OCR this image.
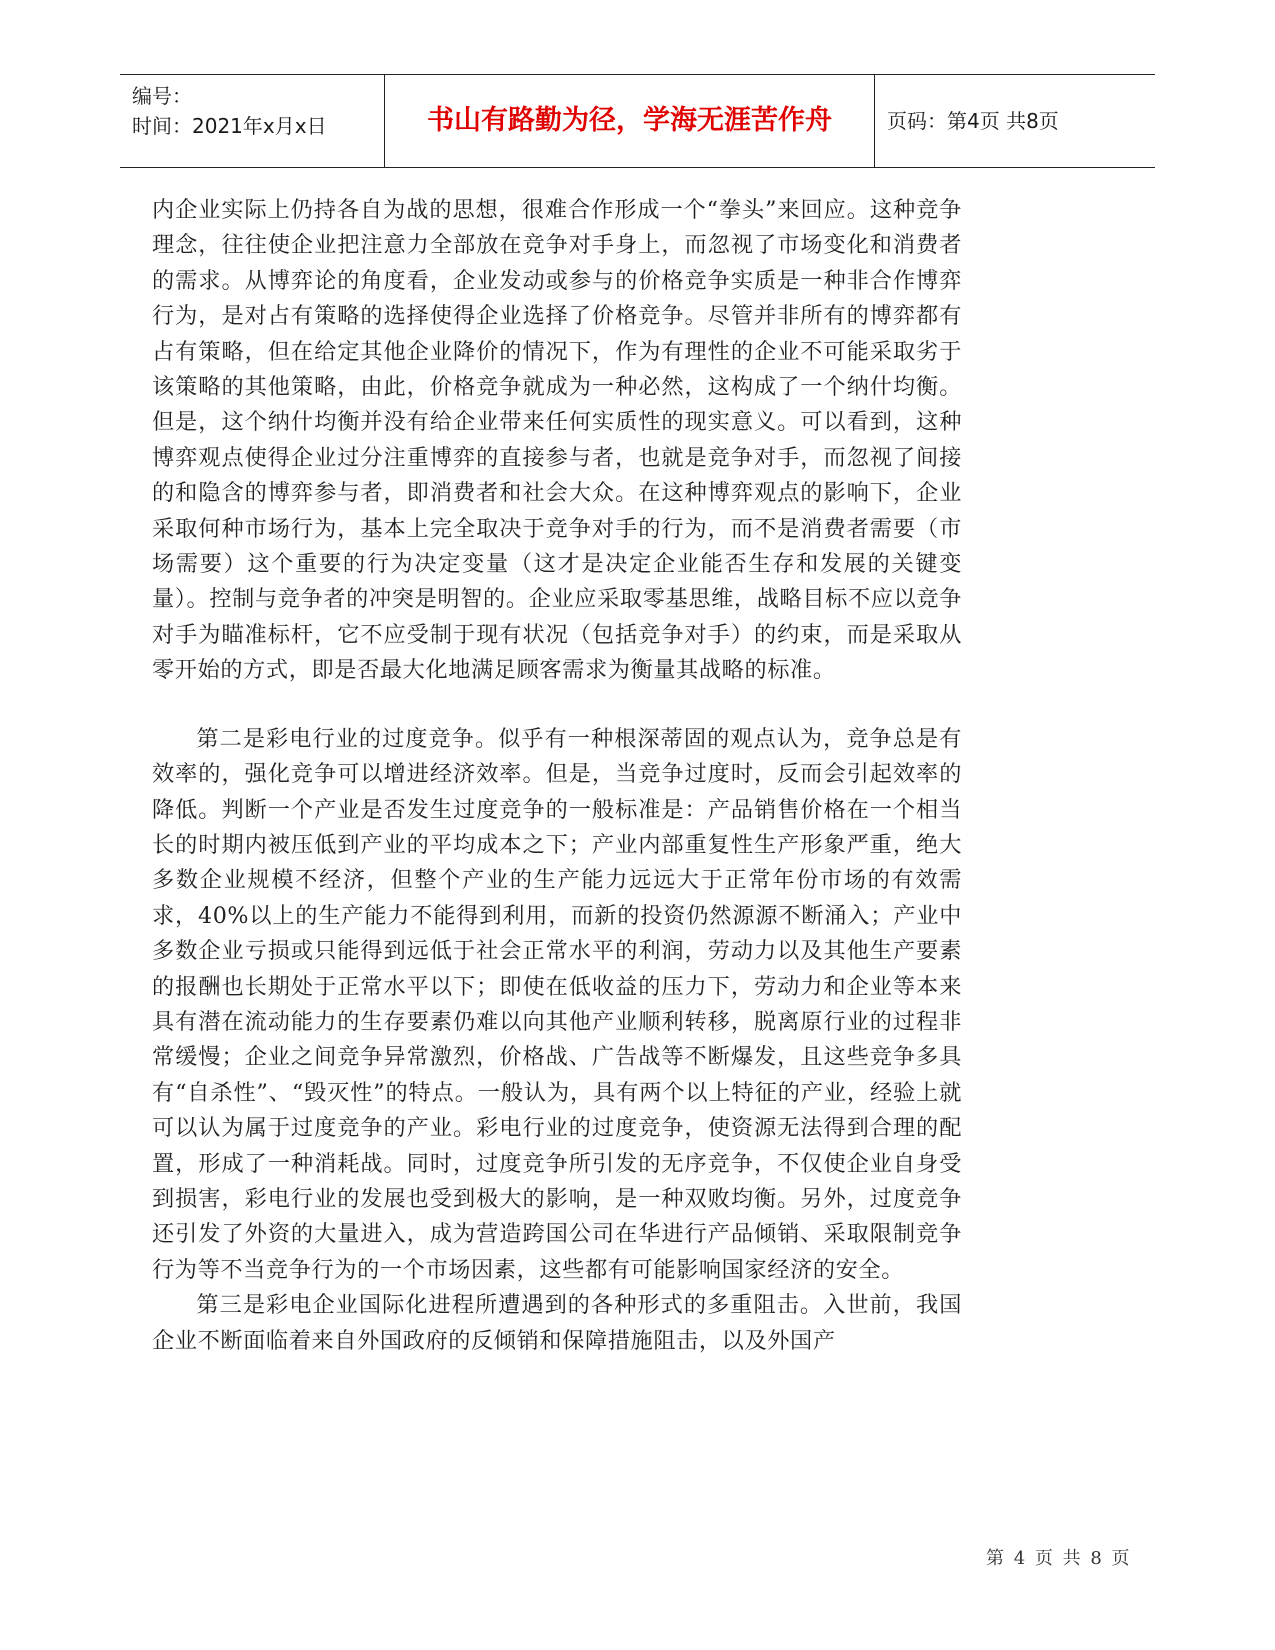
编号：
时间：2021年x月x日	书山有路勤为径，学海无涯苦作舟	页码：第4页 共8页

内企业实际上仍持各自为战的思想，很难合作形成一个“拳头”来回应。这种竞争理念，往往使企业把注意力全部放在竞争对手身上，而忽视了市场变化和消费者的需求。从博弈论的角度看，企业发动或参与的价格竞争实质是一种非合作博弈行为，是对占有策略的选择使得企业选择了价格竞争。尽管并非所有的博弈都有占有策略，但在给定其他企业降价的情况下，作为有理性的企业不可能采取劣于该策略的其他策略，由此，价格竞争就成为一种必然，这构成了一个纳什均衡。但是，这个纳什均衡并没有给企业带来任何实质性的现实意义。可以看到，这种博弈观点使得企业过分注重博弈的直接参与者，也就是竞争对手，而忽视了间接的和隐含的博弈参与者，即消费者和社会大众。在这种博弈观点的影响下，企业采取何种市场行为，基本上完全取决于竞争对手的行为，而不是消费者需要（市场需要）这个重要的行为决定变量（这才是决定企业能否生存和发展的关键变量）。控制与竞争者的冲突是明智的。企业应采取零基思维，战略目标不应以竞争对手为瞄准标杆，它不应受制于现有状况（包括竞争对手）的约束，而是采取从零开始的方式，即是否最大化地满足顾客需求为衡量其战略的标准。

第二是彩电行业的过度竞争。似乎有一种根深蒂固的观点认为，竞争总是有效率的，强化竞争可以增进经济效率。但是，当竞争过度时，反而会引起效率的降低。判断一个产业是否发生过度竞争的一般标准是：产品销售价格在一个相当长的时期内被压低到产业的平均成本之下；产业内部重复性生产形象严重，绝大多数企业规模不经济，但整个产业的生产能力远远大于正常年份市场的有效需求，40%以上的生产能力不能得到利用，而新的投资仍然源源不断涌入；产业中多数企业亏损或只能得到远低于社会正常水平的利润，劳动力以及其他生产要素的报酬也长期处于正常水平以下；即使在低收益的压力下，劳动力和企业等本来具有潜在流动能力的生存要素仍难以向其他产业顺利转移，脱离原行业的过程非常缓慢；企业之间竞争异常激烈，价格战、广告战等不断爆发，且这些竞争多具有“自杀性”、“毁灭性”的特点。一般认为，具有两个以上特征的产业，经验上就可以认为属于过度竞争的产业。彩电行业的过度竞争，使资源无法得到合理的配置，形成了一种消耗战。同时，过度竞争所引发的无序竞争，不仅使企业自身受到损害，彩电行业的发展也受到极大的影响，是一种双败均衡。另外，过度竞争还引发了外资的大量进入，成为营造跨国公司在华进行产品倾销、采取限制竞争行为等不当竞争行为的一个市场因素，这些都有可能影响国家经济的安全。

第三是彩电企业国际化进程所遭遇到的各种形式的多重阻击。入世前，我国企业不断面临着来自外国政府的反倾销和保障措施阻击，以及外国产

第 4 页 共 8 页
